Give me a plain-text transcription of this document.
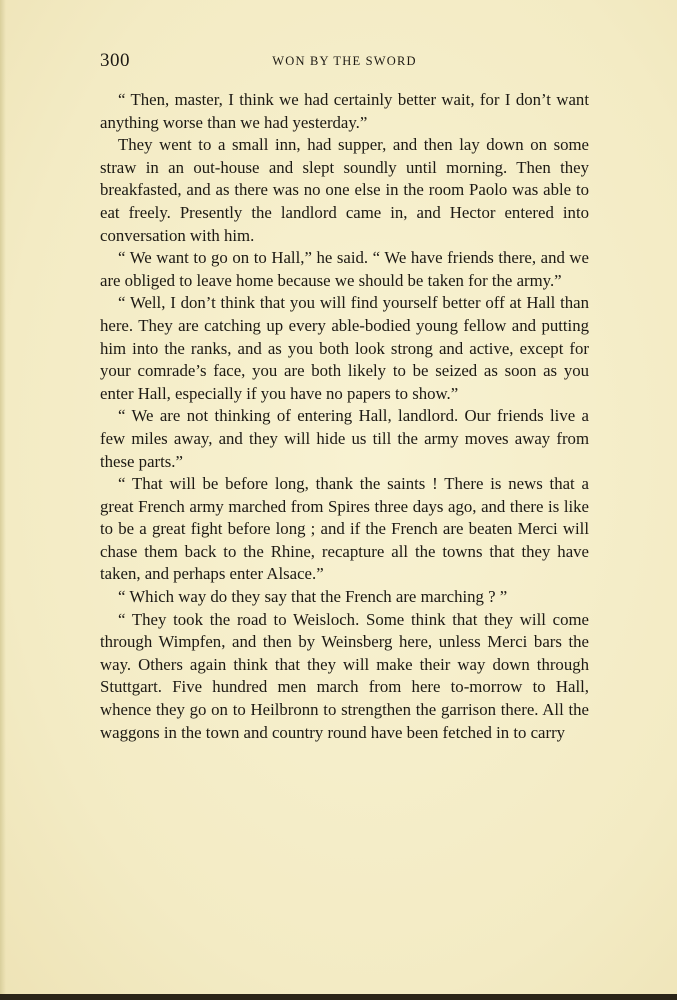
300	WON BY THE SWORD

“ Then, master, I think we had certainly better wait, for I don’t want anything worse than we had yesterday.”

They went to a small inn, had supper, and then lay down on some straw in an out-house and slept soundly until morning. Then they breakfasted, and as there was no one else in the room Paolo was able to eat freely. Presently the landlord came in, and Hector entered into conversation with him.

“ We want to go on to Hall,” he said. “ We have friends there, and we are obliged to leave home because we should be taken for the army.”

“ Well, I don’t think that you will find yourself better off at Hall than here. They are catching up every able-bodied young fellow and putting him into the ranks, and as you both look strong and active, except for your comrade’s face, you are both likely to be seized as soon as you enter Hall, especially if you have no papers to show.”

“ We are not thinking of entering Hall, landlord. Our friends live a few miles away, and they will hide us till the army moves away from these parts.”

“ That will be before long, thank the saints ! There is news that a great French army marched from Spires three days ago, and there is like to be a great fight before long ; and if the French are beaten Merci will chase them back to the Rhine, recapture all the towns that they have taken, and perhaps enter Alsace.”

“ Which way do they say that the French are marching ? ”

“ They took the road to Weisloch. Some think that they will come through Wimpfen, and then by Weinsberg here, unless Merci bars the way. Others again think that they will make their way down through Stuttgart. Five hundred men march from here to-morrow to Hall, whence they go on to Heilbronn to strengthen the garrison there. All the waggons in the town and country round have been fetched in to carry
